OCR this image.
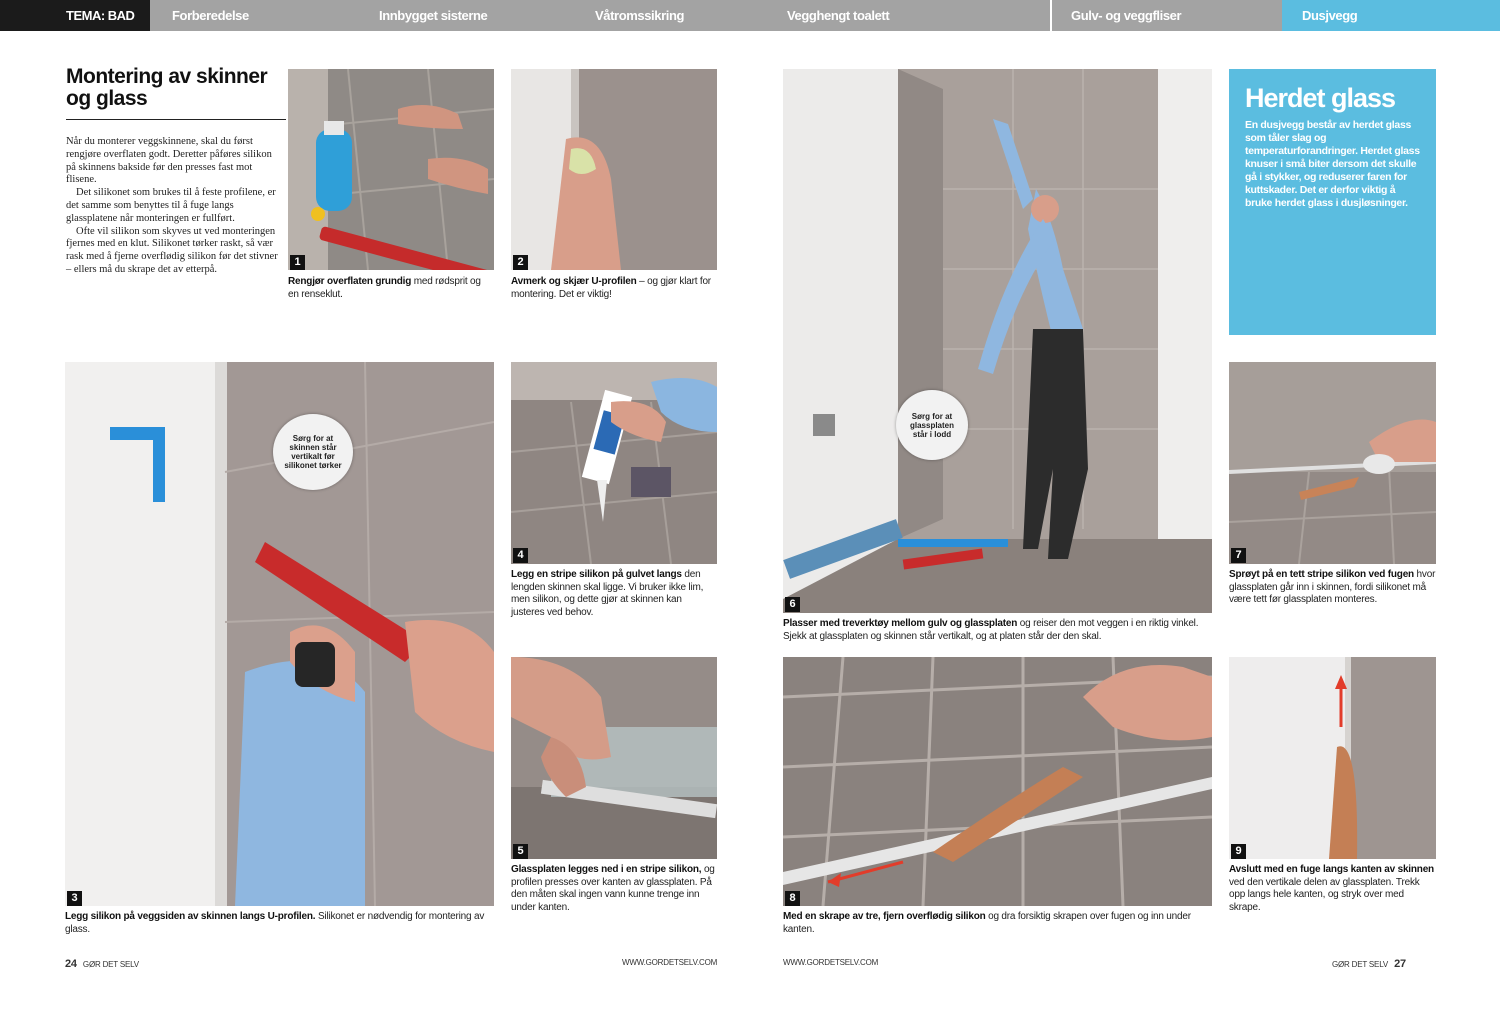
TEMA: BAD	Forberedelse	Innbygget sisterne	Våtromssikring	Vegghengt toalett	Gulv- og veggfliser	Dusjvegg
Montering av skinner og glass

Når du monterer veggskinnene, skal du først rengjøre overflaten godt. Deretter påføres silikon på skinnens bakside før den presses fast mot flisene.

Det silikonet som brukes til å feste profilene, er det samme som benyttes til å fuge langs glassplatene når monteringen er fullført.

Ofte vil silikon som skyves ut ved monteringen fjernes med en klut. Silikonet tørker raskt, så vær rask med å fjerne overflødig silikon før det stivner – ellers må du skrape det av etterpå.

1
Rengjør overflaten grundig med rødsprit og en renseklut.
2
Avmerk og skjær U-profilen – og gjør klart for montering. Det er viktig!
Sørg for at skinnen står vertikalt før silikonet tørker
3
Legg silikon på veggsiden av skinnen langs U-profilen. Silikonet er nødvendig for montering av glass.
4
Legg en stripe silikon på gulvet langs den lengden skinnen skal ligge. Vi bruker ikke lim, men silikon, og dette gjør at skinnen kan justeres ved behov.
5
Glassplaten legges ned i en stripe silikon, og profilen presses over kanten av glassplaten. På den måten skal ingen vann kunne trenge inn under kanten.
Sørg for at glassplaten står i lodd
6
Plasser med treverktøy mellom gulv og glassplaten og reiser den mot veggen i en riktig vinkel. Sjekk at glassplaten og skinnen står vertikalt, og at platen står der den skal.
Herdet glass
En dusjvegg består av herdet glass som tåler slag og temperaturforandringer. Herdet glass knuser i små biter dersom det skulle gå i stykker, og reduserer faren for kuttskader. Det er derfor viktig å bruke herdet glass i dusjløsninger.
7
Sprøyt på en tett stripe silikon ved fugen hvor glassplaten går inn i skinnen, fordi silikonet må være tett før glassplaten monteres.
8
Med en skrape av tre, fjern overflødig silikon og dra forsiktig skrapen over fugen og inn under kanten.
9
Avslutt med en fuge langs kanten av skinnen ved den vertikale delen av glassplaten. Trekk opp langs hele kanten, og stryk over med skrape.
24 GØR DET SELV	WWW.GORDETSELV.COM	WWW.GORDETSELV.COM	GØR DET SELV 27
